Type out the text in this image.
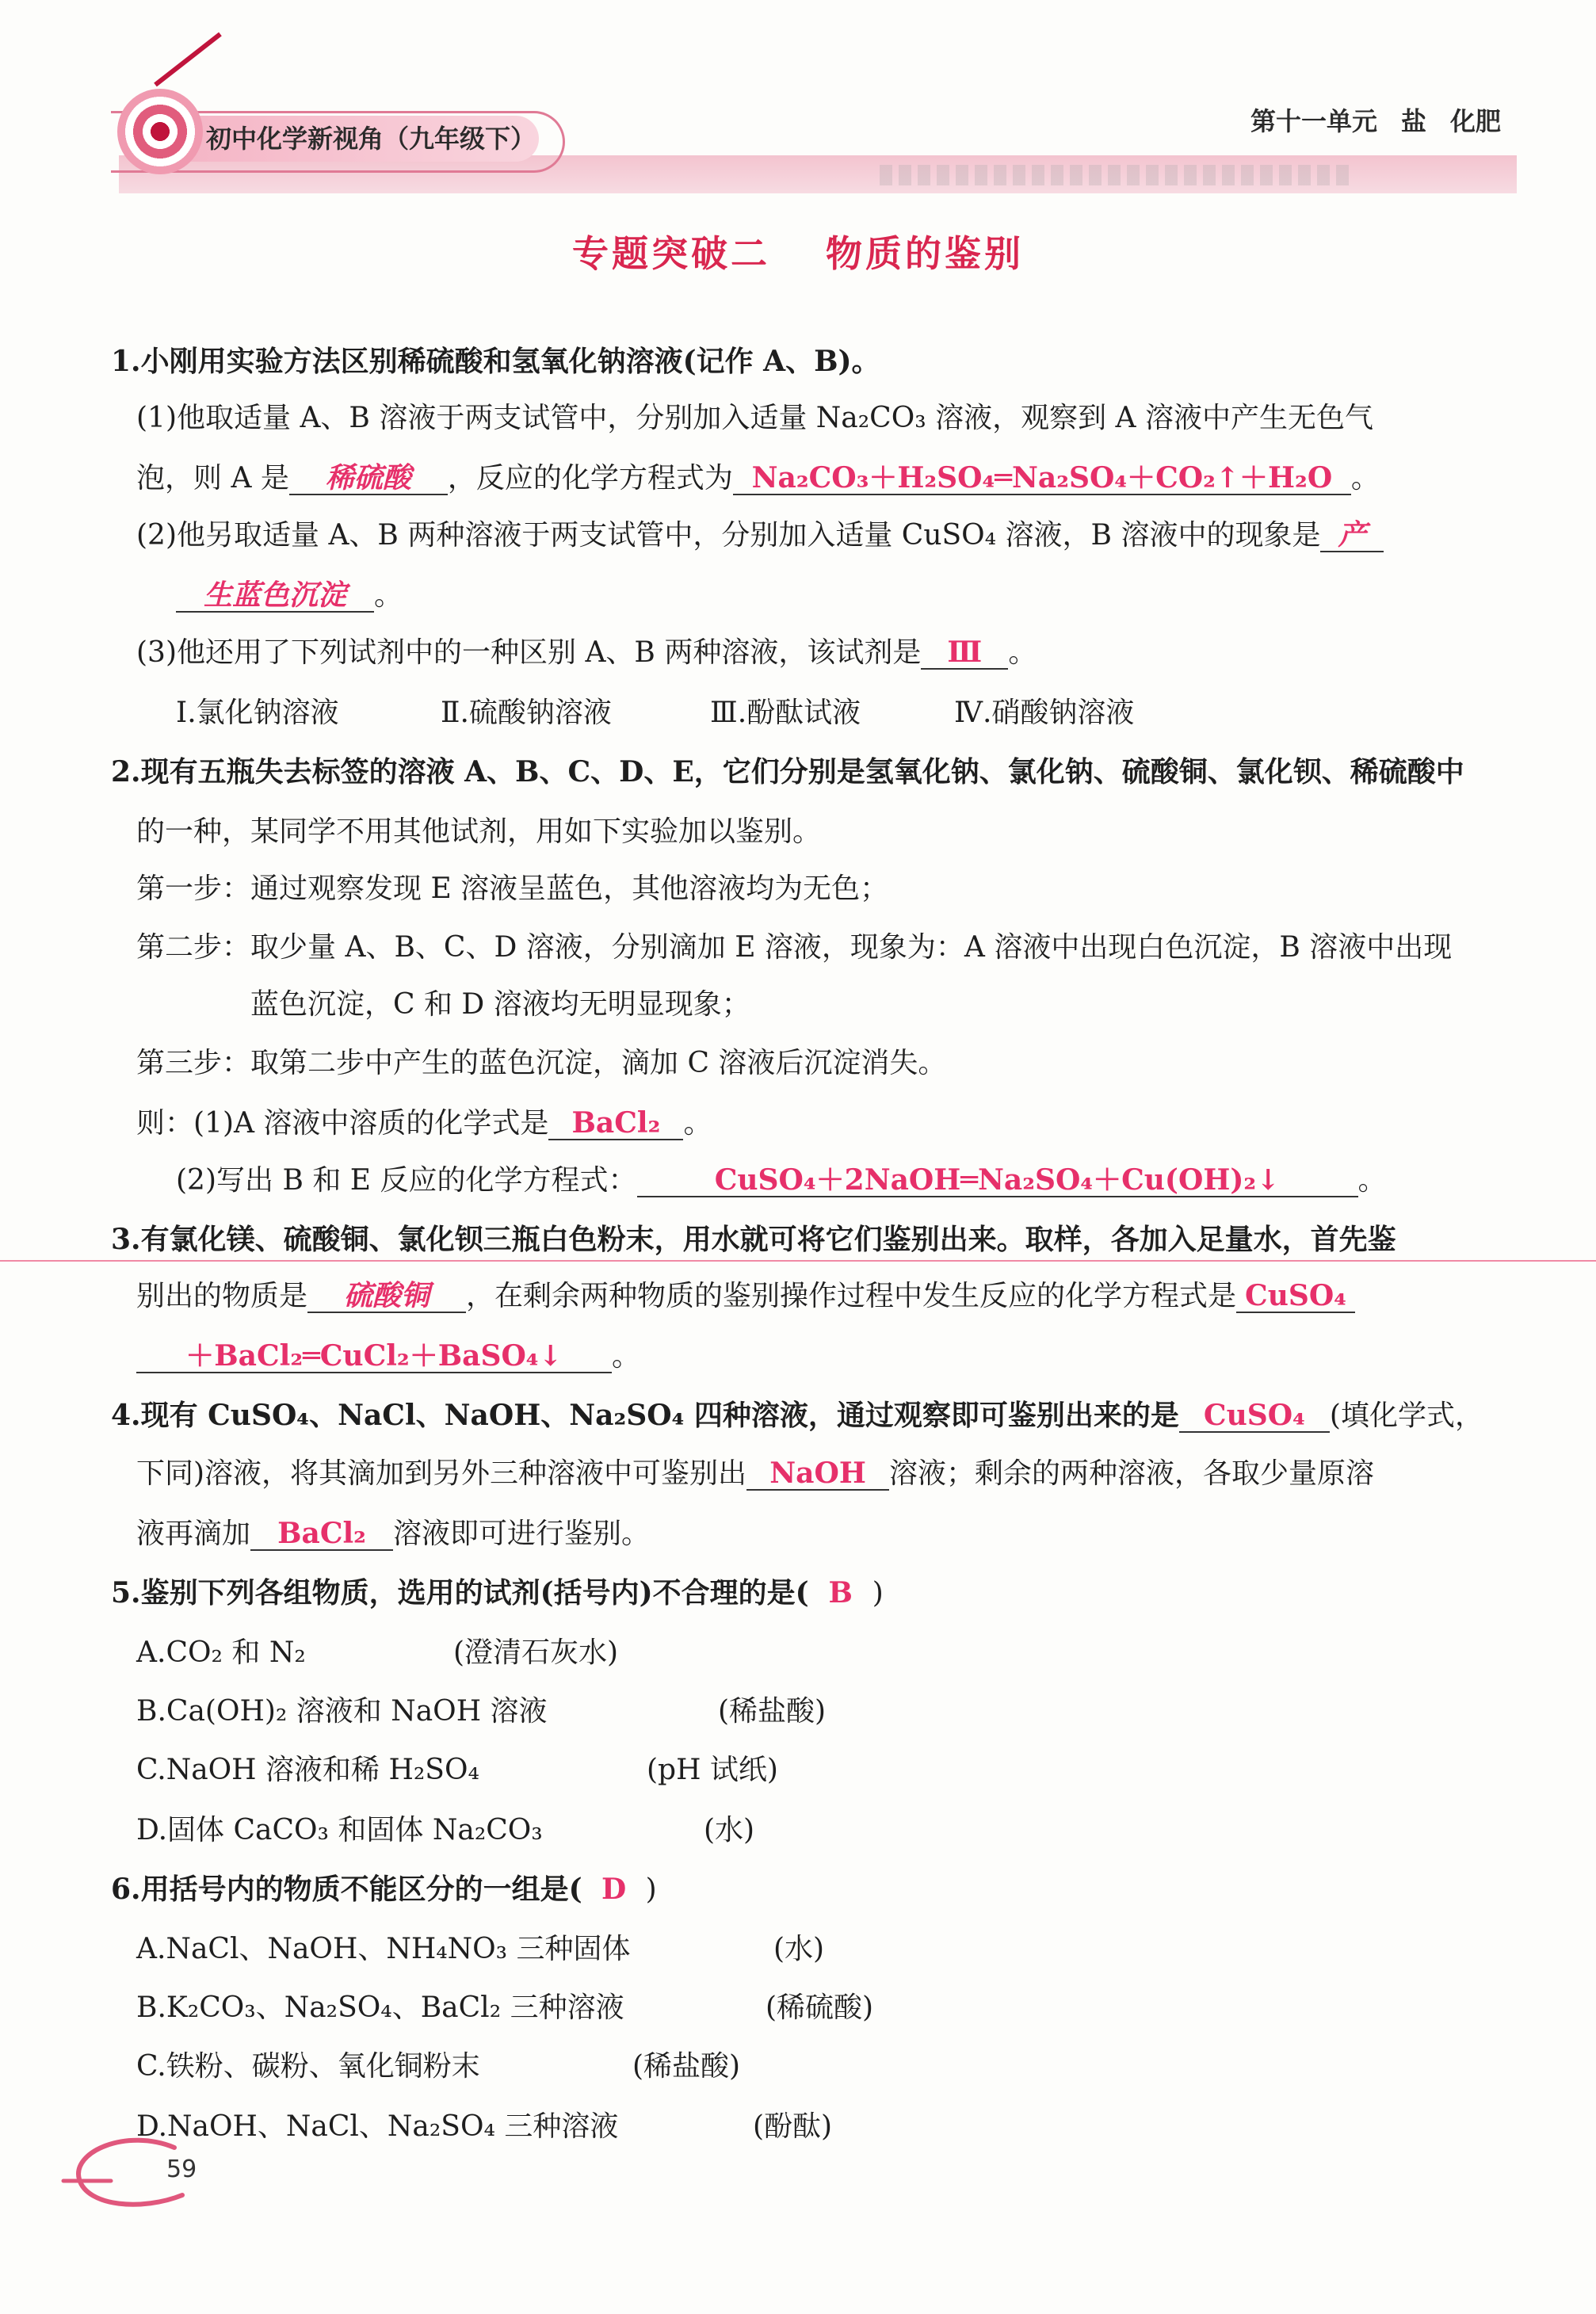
初中化学新视角（九年级下）
第十一单元 盐 化肥
专题突破二 物质的鉴别
1.小刚用实验方法区别稀硫酸和氢氧化钠溶液(记作 A、B)。
(1)他取适量 A、B 溶液于两支试管中，分别加入适量 Na₂CO₃ 溶液，观察到 A 溶液中产生无色气
泡，则 A 是 稀硫酸 ，反应的化学方程式为 Na₂CO₃＋H₂SO₄═Na₂SO₄＋CO₂↑＋H₂O 。
(2)他另取适量 A、B 两种溶液于两支试管中，分别加入适量 CuSO₄ 溶液，B 溶液中的现象是 产
生蓝色沉淀 。
(3)他还用了下列试剂中的一种区别 A、B 两种溶液，该试剂是 Ⅲ 。
Ⅰ.氯化钠溶液	Ⅱ.硫酸钠溶液	Ⅲ.酚酞试液	Ⅳ.硝酸钠溶液
2.现有五瓶失去标签的溶液 A、B、C、D、E，它们分别是氢氧化钠、氯化钠、硫酸铜、氯化钡、稀硫酸中
的一种，某同学不用其他试剂，用如下实验加以鉴别。
第一步：通过观察发现 E 溶液呈蓝色，其他溶液均为无色；
第二步：取少量 A、B、C、D 溶液，分别滴加 E 溶液，现象为：A 溶液中出现白色沉淀，B 溶液中出现
蓝色沉淀，C 和 D 溶液均无明显现象；
第三步：取第二步中产生的蓝色沉淀，滴加 C 溶液后沉淀消失。
则：(1)A 溶液中溶质的化学式是 BaCl₂ 。
(2)写出 B 和 E 反应的化学方程式：	CuSO₄＋2NaOH═Na₂SO₄＋Cu(OH)₂↓	。
3.有氯化镁、硫酸铜、氯化钡三瓶白色粉末，用水就可将它们鉴别出来。取样，各加入足量水，首先鉴
别出的物质是 硫酸铜 ，在剩余两种物质的鉴别操作过程中发生反应的化学方程式是 CuSO₄
＋BaCl₂═CuCl₂＋BaSO₄↓ 。
4.现有 CuSO₄、NaCl、NaOH、Na₂SO₄ 四种溶液，通过观察即可鉴别出来的是 CuSO₄ (填化学式，
下同)溶液，将其滴加到另外三种溶液中可鉴别出 NaOH 溶液；剩余的两种溶液，各取少量原溶
液再滴加 BaCl₂ 溶液即可进行鉴别。
5.鉴别下列各组物质，选用的试剂(括号内)不合理的是( B )
A.CO₂ 和 N₂	(澄清石灰水)
B.Ca(OH)₂ 溶液和 NaOH 溶液	(稀盐酸)
C.NaOH 溶液和稀 H₂SO₄	(pH 试纸)
D.固体 CaCO₃ 和固体 Na₂CO₃	(水)
6.用括号内的物质不能区分的一组是( D )
A.NaCl、NaOH、NH₄NO₃ 三种固体	(水)
B.K₂CO₃、Na₂SO₄、BaCl₂ 三种溶液	(稀硫酸)
C.铁粉、碳粉、氧化铜粉末	(稀盐酸)
D.NaOH、NaCl、Na₂SO₄ 三种溶液	(酚酞)
59
